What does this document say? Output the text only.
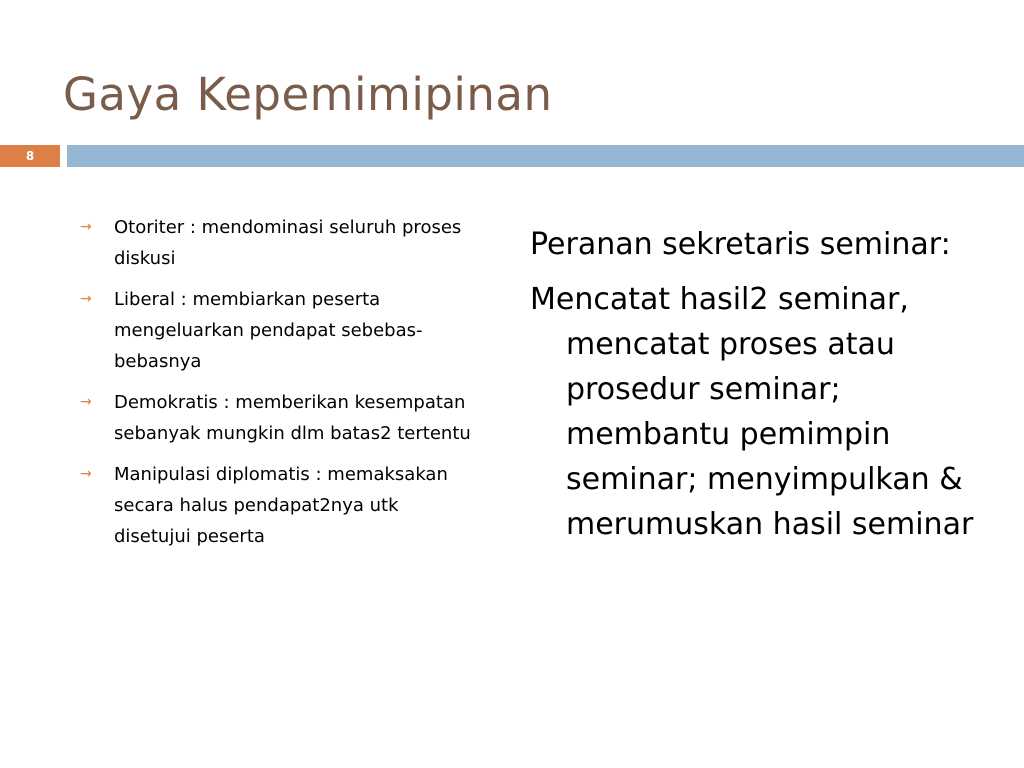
Gaya Kepemimipinan
8
→	Otoriter : mendominasi seluruh proses diskusi
→	Liberal : membiarkan peserta mengeluarkan pendapat sebebas-bebasnya
→	Demokratis : memberikan kesempatan sebanyak mungkin dlm batas2 tertentu
→	Manipulasi diplomatis : memaksakan secara halus pendapat2nya utk disetujui peserta

Peranan sekretaris seminar:

Mencatat hasil2 seminar, mencatat proses atau prosedur seminar; membantu pemimpin seminar; menyimpulkan & merumuskan hasil seminar
